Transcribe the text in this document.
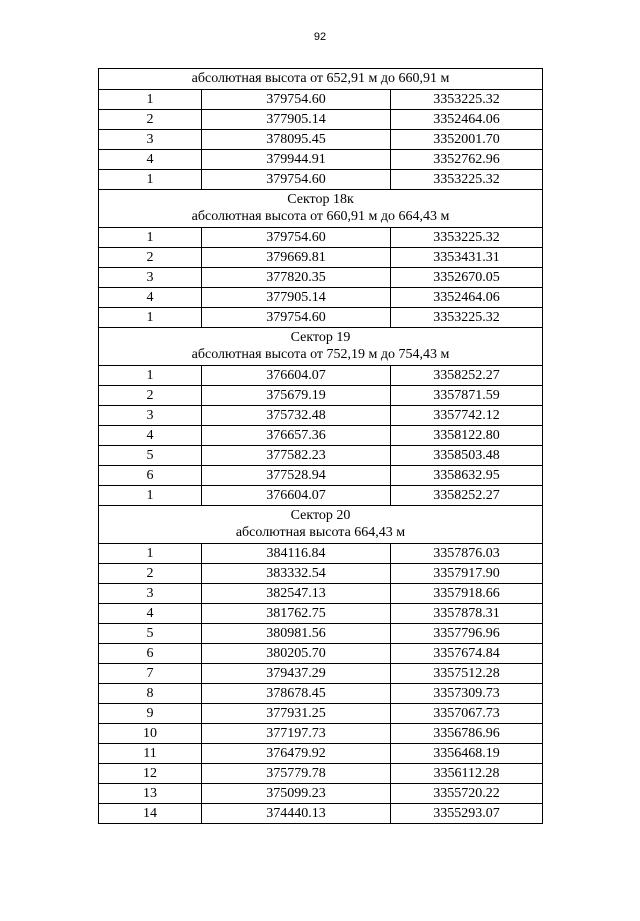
92
абсолютная высота от 652,91 м до 660,91 м		

1	379754.60	3353225.32
2	377905.14	3352464.06
3	378095.45	3352001.70
4	379944.91	3352762.96
1	379754.60	3353225.32

Сектор 18к
абсолютная высота от 660,91 м до 664,43 м		

1	379754.60	3353225.32
2	379669.81	3353431.31
3	377820.35	3352670.05
4	377905.14	3352464.06
1	379754.60	3353225.32

Сектор 19
абсолютная высота от 752,19 м до 754,43 м		

1	376604.07	3358252.27
2	375679.19	3357871.59
3	375732.48	3357742.12
4	376657.36	3358122.80
5	377582.23	3358503.48
6	377528.94	3358632.95
1	376604.07	3358252.27

Сектор 20
абсолютная высота 664,43 м		

1	384116.84	3357876.03
2	383332.54	3357917.90
3	382547.13	3357918.66
4	381762.75	3357878.31
5	380981.56	3357796.96
6	380205.70	3357674.84
7	379437.29	3357512.28
8	378678.45	3357309.73
9	377931.25	3357067.73
10	377197.73	3356786.96
11	376479.92	3356468.19
12	375779.78	3356112.28
13	375099.23	3355720.22
14	374440.13	3355293.07
